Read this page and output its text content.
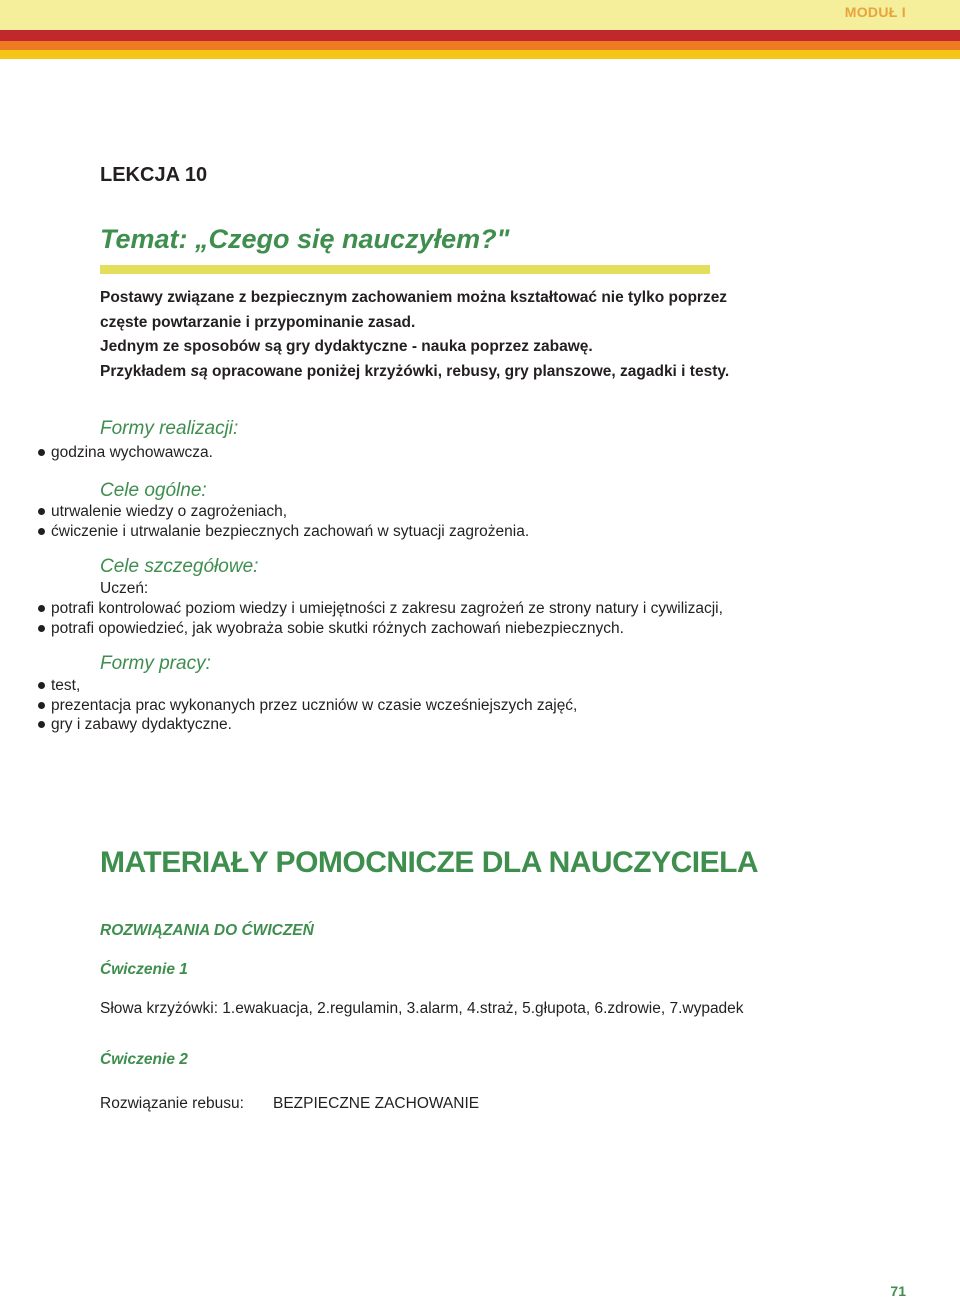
MODUŁ I
LEKCJA 10
Temat: „Czego się nauczyłem?"

Postawy związane z bezpiecznym zachowaniem można kształtować nie tylko poprzez

częste powtarzanie i przypominanie zasad.

Jednym ze sposobów są gry dydaktyczne - nauka poprzez zabawę.

Przykładem są opracowane poniżej krzyżówki, rebusy, gry planszowe, zagadki i testy.

Formy realizacji:
godzina wychowawcza.
Cele ogólne:
utrwalenie wiedzy o zagrożeniach,
ćwiczenie i utrwalanie bezpiecznych zachowań w sytuacji zagrożenia.
Cele szczegółowe:
Uczeń:
potrafi kontrolować poziom wiedzy i umiejętności z zakresu zagrożeń ze strony natury i cywilizacji,
potrafi opowiedzieć, jak wyobraża sobie skutki różnych zachowań niebezpiecznych.
Formy pracy:
test,
prezentacja prac wykonanych przez uczniów w czasie wcześniejszych zajęć,
gry i zabawy dydaktyczne.
MATERIAŁY POMOCNICZE DLA NAUCZYCIELA
ROZWIĄZANIA DO ĆWICZEŃ
Ćwiczenie 1
Słowa krzyżówki: 1.ewakuacja, 2.regulamin, 3.alarm, 4.straż, 5.głupota, 6.zdrowie, 7.wypadek
Ćwiczenie 2
Rozwiązanie rebusu: BEZPIECZNE ZACHOWANIE
71
